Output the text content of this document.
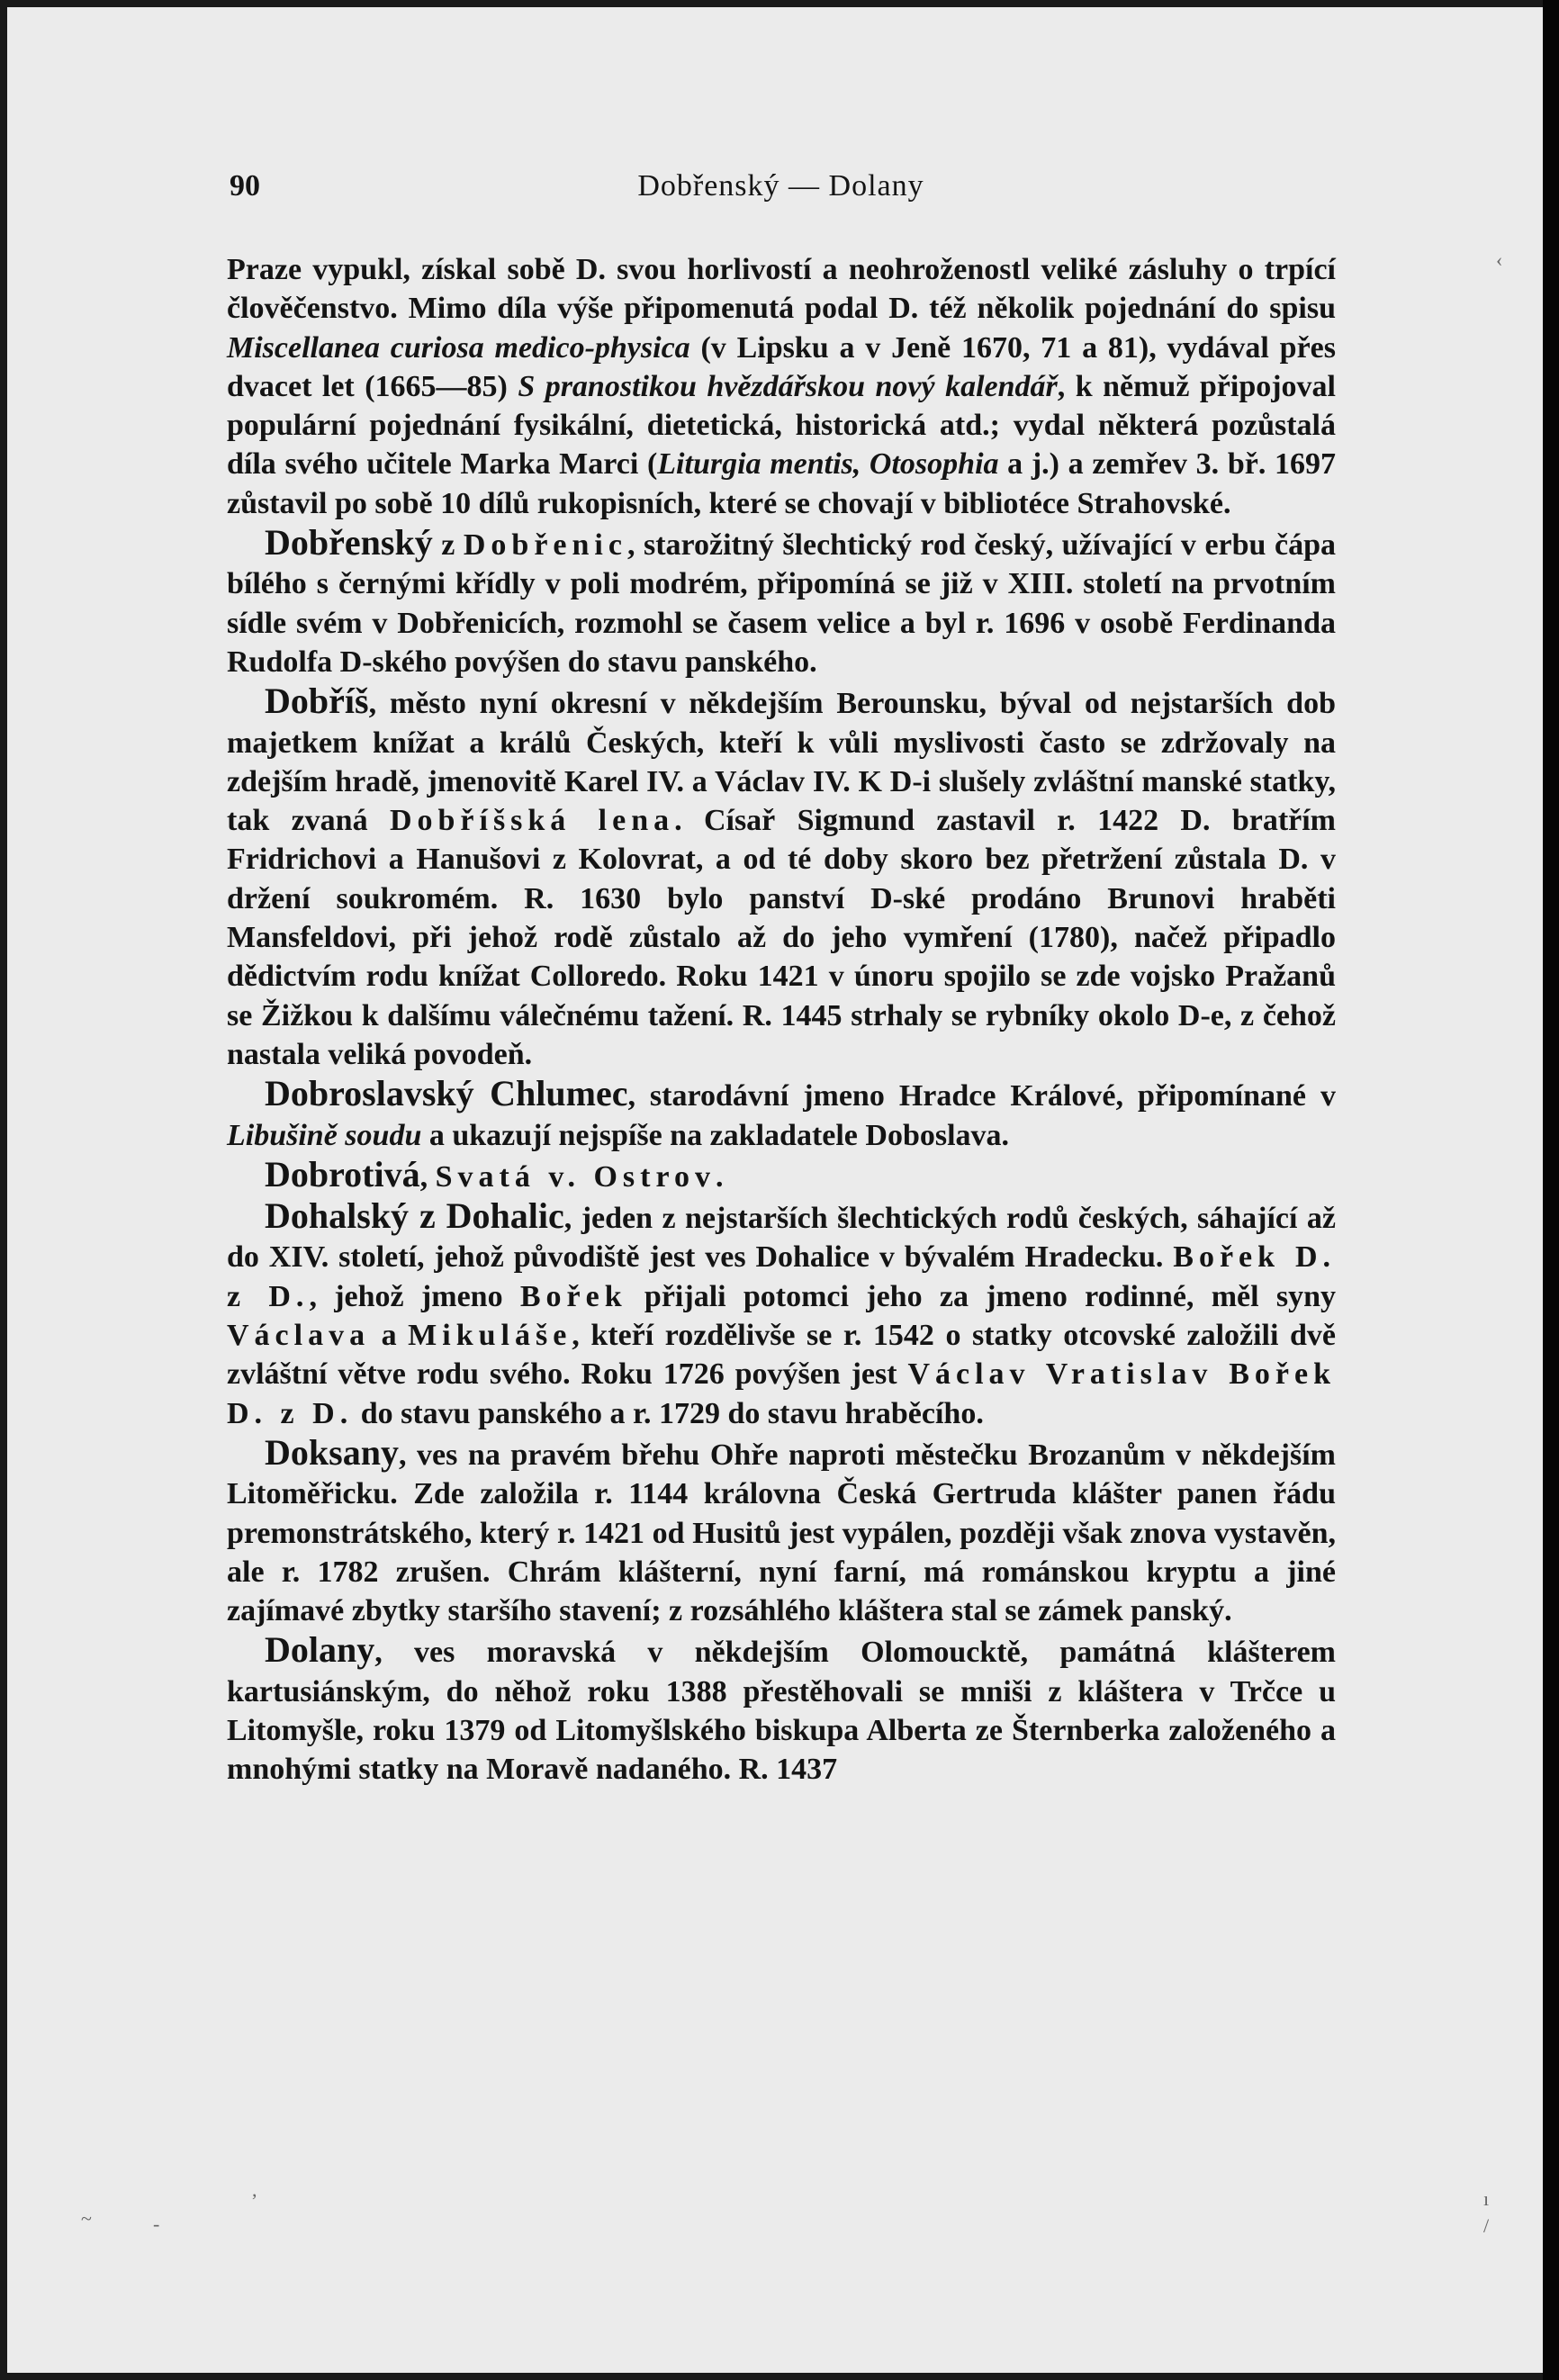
90	Dobřenský — Dolany

Praze vypukl, získal sobě D. svou horlivostí a neohroženostl veliké zásluhy o trpící člověčenstvo. Mimo díla výše připomenutá podal D. též několik pojednání do spisu Miscellanea curiosa medico-physica (v Lipsku a v Jeně 1670, 71 a 81), vydával přes dvacet let (1665—85) S pranostikou hvězdářskou nový kalendář, k němuž připojoval populární pojednání fysikální, dietetická, historická atd.; vydal některá pozůstalá díla svého učitele Marka Marci (Liturgia mentis, Otosophia a j.) a zemřev 3. bř. 1697 zůstavil po sobě 10 dílů rukopisních, které se chovají v bibliotéce Strahovské.

Dobřenský z Dobřenic, starožitný šlechtický rod český, užívající v erbu čápa bílého s černými křídly v poli modrém, připomíná se již v XIII. století na prvotním sídle svém v Dobřenicích, rozmohl se časem velice a byl r. 1696 v osobě Ferdinanda Rudolfa D-ského povýšen do stavu panského.

Dobříš, město nyní okresní v někdejším Berounsku, býval od nejstarších dob majetkem knížat a králů Českých, kteří k vůli myslivosti často se zdržovaly na zdejším hradě, jmenovitě Karel IV. a Václav IV. K D-i slušely zvláštní manské statky, tak zvaná Dobříšská lena. Císař Sigmund zastavil r. 1422 D. bratřím Fridrichovi a Hanušovi z Kolovrat, a od té doby skoro bez přetržení zůstala D. v držení soukromém. R. 1630 bylo panství D-ské prodáno Brunovi hraběti Mansfeldovi, při jehož rodě zůstalo až do jeho vymření (1780), načež připadlo dědictvím rodu knížat Colloredo. Roku 1421 v únoru spojilo se zde vojsko Pražanů se Žižkou k dalšímu válečnému tažení. R. 1445 strhaly se rybníky okolo D-e, z čehož nastala veliká povodeň.

Dobroslavský Chlumec, starodávní jmeno Hradce Králové, připomínané v Libušině soudu a ukazují nejspíše na zakladatele Doboslava.

Dobrotivá, Svatá v. Ostrov.

Dohalský z Dohalic, jeden z nejstarších šlechtických rodů českých, sáhající až do XIV. století, jehož původiště jest ves Dohalice v bývalém Hradecku. Bořek D. z D., jehož jmeno Bořek přijali potomci jeho za jmeno rodinné, měl syny Václava a Mikuláše, kteří rozdělivše se r. 1542 o statky otcovské založili dvě zvláštní větve rodu svého. Roku 1726 povýšen jest Václav Vratislav Bořek D. z D. do stavu panského a r. 1729 do stavu hraběcího.

Doksany, ves na pravém břehu Ohře naproti městečku Brozanům v někdejším Litoměřicku. Zde založila r. 1144 královna Česká Gertruda klášter panen řádu premonstrátského, který r. 1421 od Husitů jest vypálen, později však znova vystavěn, ale r. 1782 zrušen. Chrám klášterní, nyní farní, má románskou kryptu a jiné zajímavé zbytky staršího stavení; z rozsáhlého kláštera stal se zámek panský.

Dolany, ves moravská v někdejším Olomoucktě, památná klášterem kartusiánským, do něhož roku 1388 přestěhovali se mniši z kláštera v Trčce u Litomyšle, roku 1379 od Litomyšlského biskupa Alberta ze Šternberka založeného a mnohými statky na Moravě nadaného. R. 1437

‹
ı
/
~	-
,
